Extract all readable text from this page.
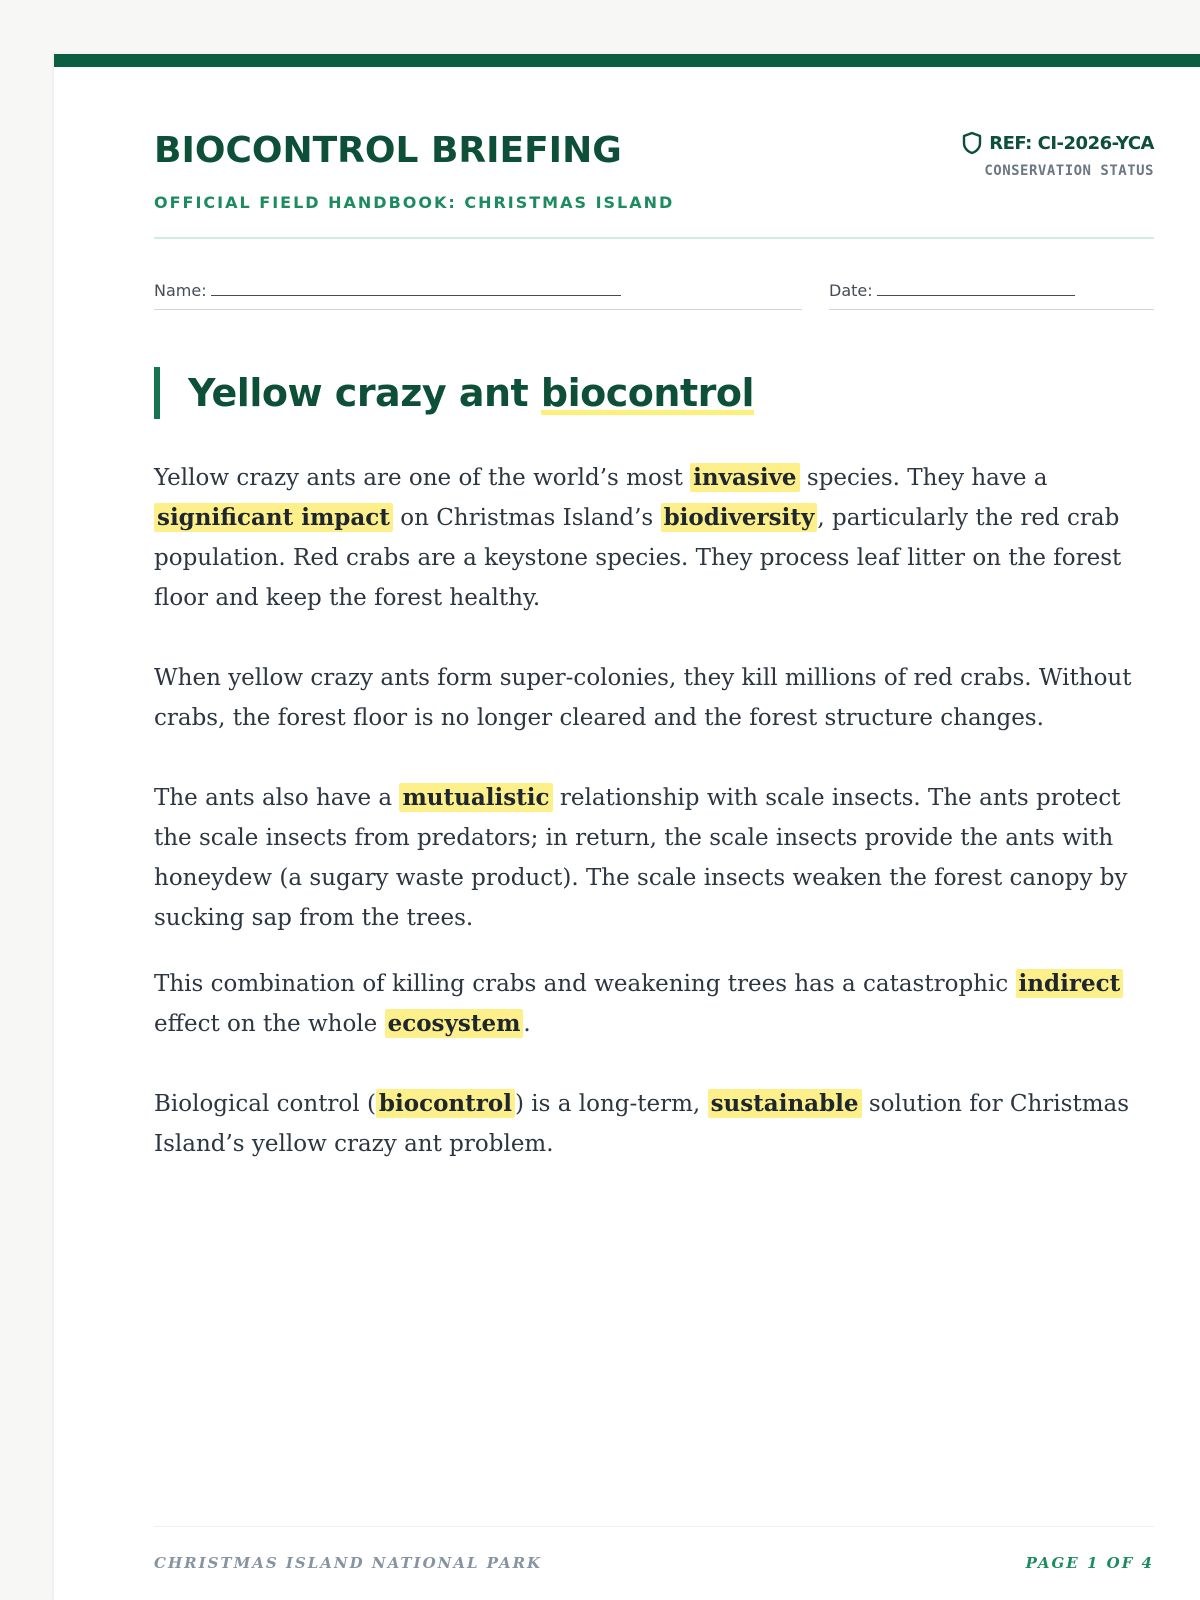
BIOCONTROL BRIEFING
OFFICIAL FIELD HANDBOOK: CHRISTMAS ISLAND
REF: CI-2026-YCA
CONSERVATION STATUS
Name:	Date:
Yellow crazy ant biocontrol

Yellow crazy ants are one of the world’s most invasive species. They have a significant impact on Christmas Island’s biodiversity , particularly the red crab population. Red crabs are a keystone species. They process leaf litter on the forest floor and keep the forest healthy.

When yellow crazy ants form super-colonies, they kill millions of red crabs. Without crabs, the forest floor is no longer cleared and the forest structure changes.

The ants also have a mutualistic relationship with scale insects. The ants protect the scale insects from predators; in return, the scale insects provide the ants with honeydew (a sugary waste product). The scale insects weaken the forest canopy by sucking sap from the trees.

This combination of killing crabs and weakening trees has a catastrophic indirect effect on the whole ecosystem .

Biological control ( biocontrol ) is a long-term, sustainable solution for Christmas Island’s yellow crazy ant problem.

CHRISTMAS ISLAND NATIONAL PARK	PAGE 1 OF 4
